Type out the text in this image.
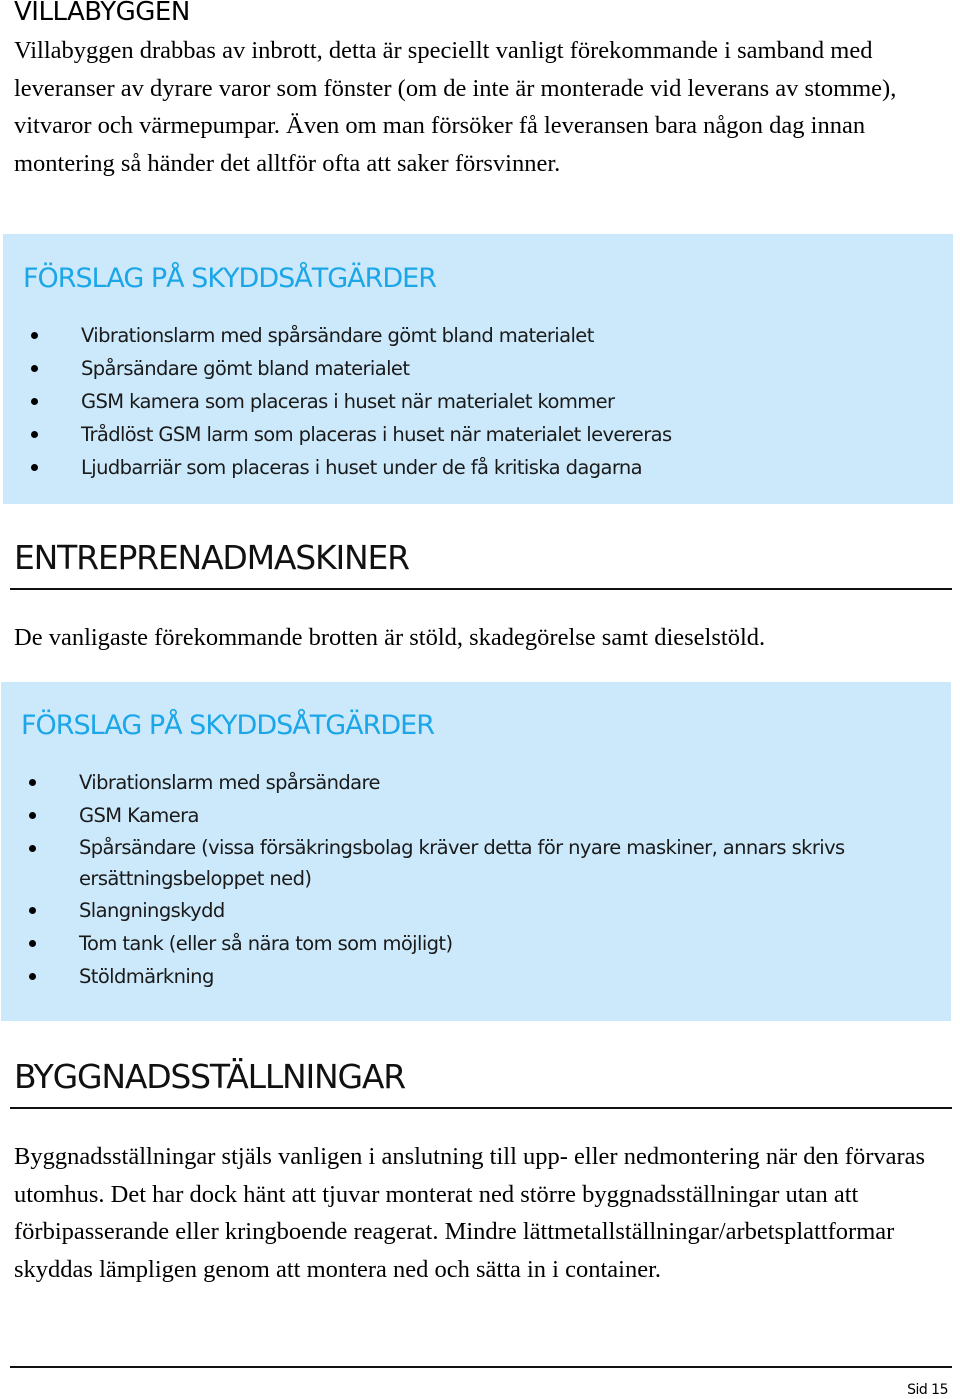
VILLABYGGEN

Villabyggen drabbas av inbrott, detta är speciellt vanligt förekommande i samband med leveranser av dyrare varor som fönster (om de inte är monterade vid leverans av stomme), vitvaror och värmepumpar. Även om man försöker få leveransen bara någon dag innan montering så händer det alltför ofta att saker försvinner.

FÖRSLAG PÅ SKYDDSÅTGÄRDER
Vibrationslarm med spårsändare gömt bland materialet
Spårsändare gömt bland materialet
GSM kamera som placeras i huset när materialet kommer
Trådlöst GSM larm som placeras i huset när materialet levereras
Ljudbarriär som placeras i huset under de få kritiska dagarna
ENTREPRENADMASKINER

De vanligaste förekommande brotten är stöld, skadegörelse samt dieselstöld.

FÖRSLAG PÅ SKYDDSÅTGÄRDER
Vibrationslarm med spårsändare
GSM Kamera
Spårsändare (vissa försäkringsbolag kräver detta för nyare maskiner, annars skrivs ersättningsbeloppet ned)
Slangningskydd
Tom tank (eller så nära tom som möjligt)
Stöldmärkning
BYGGNADSSTÄLLNINGAR

Byggnadsställningar stjäls vanligen i anslutning till upp- eller nedmontering när den förvaras utomhus. Det har dock hänt att tjuvar monterat ned större byggnadsställningar utan att förbipasserande eller kringboende reagerat. Mindre lättmetallställningar/arbetsplattformar skyddas lämpligen genom att montera ned och sätta in i container.

Sid 15
